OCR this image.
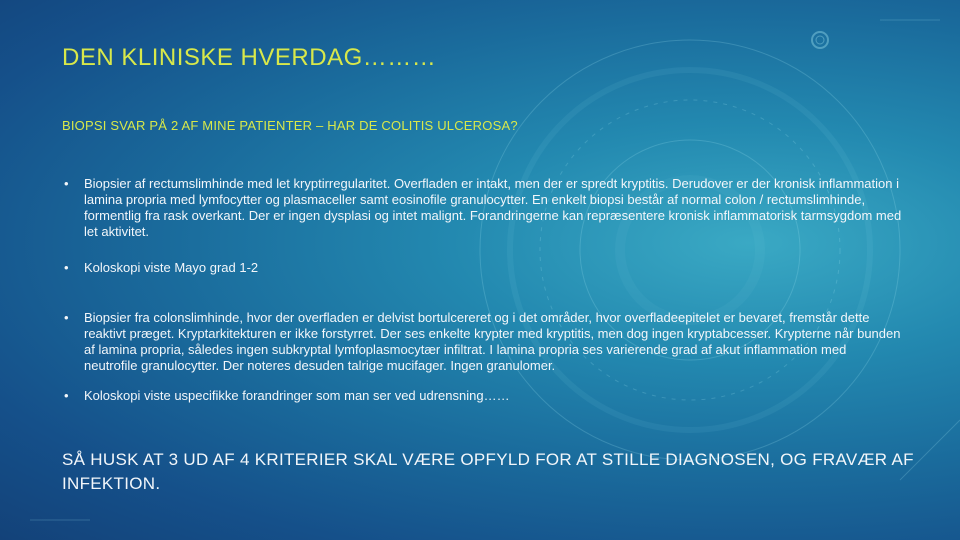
DEN KLINISKE HVERDAG………

BIOPSI SVAR PÅ 2 AF MINE PATIENTER – HAR DE COLITIS ULCEROSA?

• Biopsier af rectumslimhinde med let kryptirregularitet. Overfladen er intakt, men der er spredt kryptitis. Derudover er der kronisk inflammation i lamina propria med lymfocytter og plasmaceller samt eosinofile granulocytter. En enkelt biopsi består af normal colon / rectumslimhinde, formentlig fra rask overkant. Der er ingen dysplasi og intet malignt. Forandringerne kan repræsentere kronisk inflammatorisk tarmsygdom med let aktivitet.
• Koloskopi viste Mayo grad 1-2
• Biopsier fra colonslimhinde, hvor der overfladen er delvist bortulcereret og i det områder, hvor overfladeepitelet er bevaret, fremstår dette reaktivt præget. Kryptarkitekturen er ikke forstyrret. Der ses enkelte krypter med kryptitis, men dog ingen kryptabcesser. Krypterne når bunden af lamina propria, således ingen subkryptal lymfoplasmocytær infiltrat. I lamina propria ses varierende grad af akut inflammation med neutrofile granulocytter. Der noteres desuden talrige mucifager. Ingen granulomer.
• Koloskopi viste uspecifikke forandringer som man ser ved udrensning……

SÅ HUSK AT 3 UD AF 4 KRITERIER SKAL VÆRE OPFYLD FOR AT STILLE DIAGNOSEN, OG FRAVÆR AF INFEKTION.
